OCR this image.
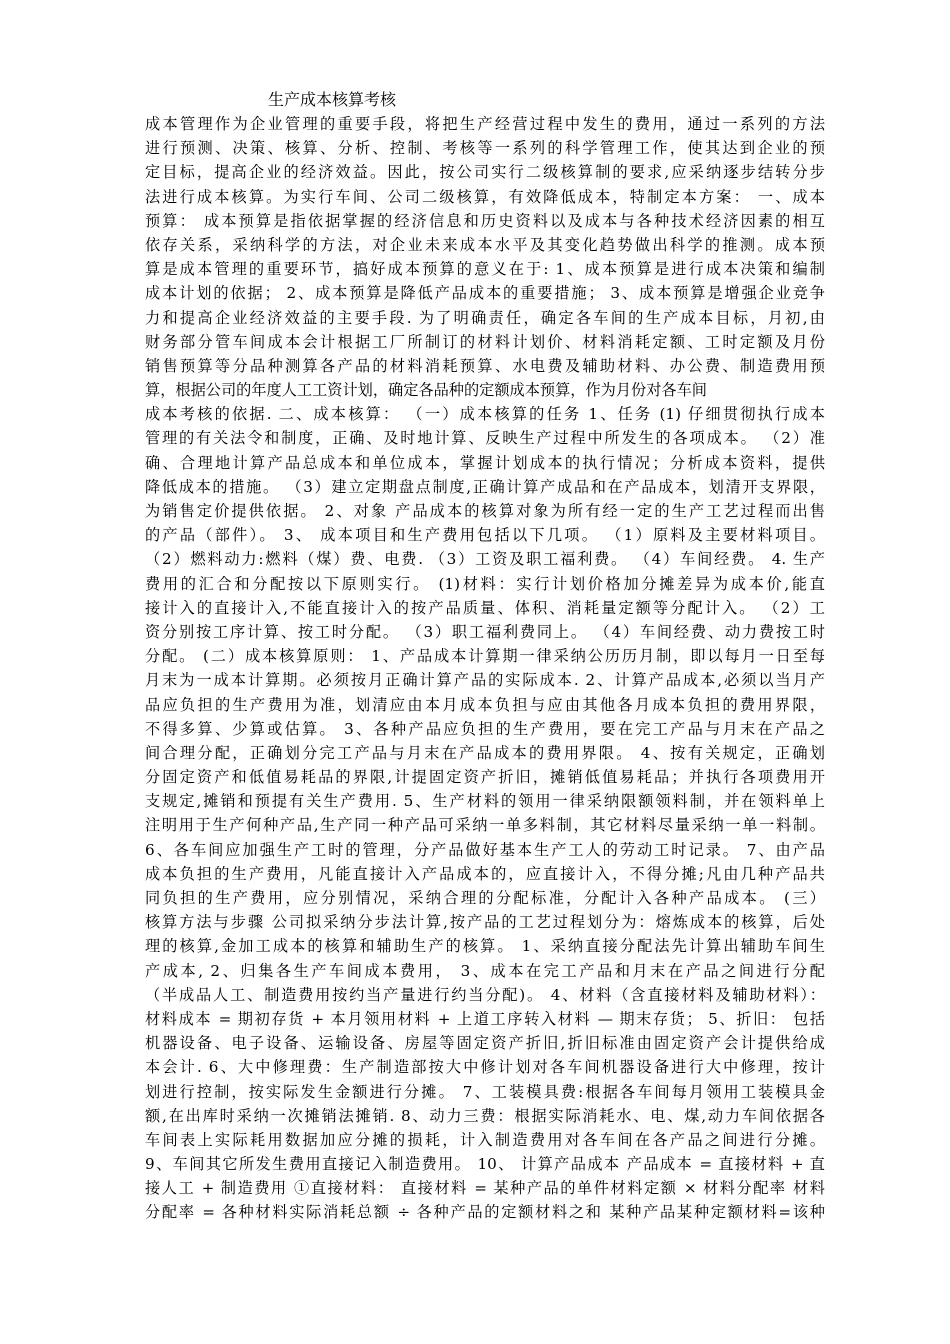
生产成本核算考核
成本管理作为企业管理的重要手段，将把生产经营过程中发生的费用，通过一系列的方法
进行预测、决策、核算、分析、控制、考核等一系列的科学管理工作，使其达到企业的预
定目标，提高企业的经济效益。因此，按公司实行二级核算制的要求,应采纳逐步结转分步
法进行成本核算。为实行车间、公司二级核算，有效降低成本，特制定本方案： 一、成本
预算： 成本预算是指依据掌握的经济信息和历史资料以及成本与各种技术经济因素的相互
依存关系，采纳科学的方法，对企业未来成本水平及其变化趋势做出科学的推测。成本预
算是成本管理的重要环节，搞好成本预算的意义在于: 1、成本预算是进行成本决策和编制
成本计划的依据； 2、成本预算是降低产品成本的重要措施； 3、成本预算是增强企业竞争
力和提高企业经济效益的主要手段. 为了明确责任，确定各车间的生产成本目标，月初,由
财务部分管车间成本会计根据工厂所制订的材料计划价、材料消耗定额、工时定额及月份
销售预算等分品种测算各产品的材料消耗预算、水电费及辅助材料、办公费、制造费用预
算，根据公司的年度人工工资计划，确定各品种的定额成本预算，作为月份对各车间
成本考核的依据. 二、成本核算： （一）成本核算的任务 1、任务 (1) 仔细贯彻执行成本
管理的有关法令和制度，正确、及时地计算、反映生产过程中所发生的各项成本。 （2）准
确、合理地计算产品总成本和单位成本，掌握计划成本的执行情况；分析成本资料，提供
降低成本的措施。 （3）建立定期盘点制度,正确计算产成品和在产品成本，划清开支界限，
为销售定价提供依据。 2、对象 产品成本的核算对象为所有经一定的生产工艺过程而出售
的产品（部件）。 3、 成本项目和生产费用包括以下几项。 （1）原料及主要材料项目。
（2）燃料动力:燃料（煤）费、电费. （3）工资及职工福利费。 （4）车间经费。 4. 生产
费用的汇合和分配按以下原则实行。 (1)材料：实行计划价格加分摊差异为成本价,能直
接计入的直接计入,不能直接计入的按产品质量、体积、消耗量定额等分配计入。 （2）工
资分别按工序计算、按工时分配。 （3）职工福利费同上。 （4）车间经费、动力费按工时
分配。 (二）成本核算原则： 1、产品成本计算期一律采纳公历历月制，即以每月一日至每
月末为一成本计算期。必须按月正确计算产品的实际成本. 2、计算产品成本,必须以当月产
品应负担的生产费用为准，划清应由本月成本负担与应由其他各月成本负担的费用界限，
不得多算、少算或估算。 3、各种产品应负担的生产费用，要在完工产品与月末在产品之
间合理分配，正确划分完工产品与月末在产品成本的费用界限。 4、按有关规定，正确划
分固定资产和低值易耗品的界限,计提固定资产折旧，摊销低值易耗品；并执行各项费用开
支规定,摊销和预提有关生产费用. 5、生产材料的领用一律采纳限额领料制，并在领料单上
注明用于生产何种产品,生产同一种产品可采纳一单多料制，其它材料尽量采纳一单一料制。
6、各车间应加强生产工时的管理，分产品做好基本生产工人的劳动工时记录。 7、由产品
成本负担的生产费用，凡能直接计入产品成本的，应直接计入，不得分摊;凡由几种产品共
同负担的生产费用，应分别情况，采纳合理的分配标准，分配计入各种产品成本。 (三）
核算方法与步骤 公司拟采纳分步法计算,按产品的工艺过程划分为：熔炼成本的核算，后处
理的核算,金加工成本的核算和辅助生产的核算。 1、采纳直接分配法先计算出辅助车间生
产成本, 2、归集各生产车间成本费用， 3、成本在完工产品和月末在产品之间进行分配
（半成品人工、制造费用按约当产量进行约当分配)。 4、材料（含直接材料及辅助材料）：
材料成本 = 期初存货 + 本月领用材料 + 上道工序转入材料 — 期末存货； 5、折旧： 包括
机器设备、电子设备、运输设备、房屋等固定资产折旧,折旧标准由固定资产会计提供给成
本会计. 6、大中修理费：生产制造部按大中修计划对各车间机器设备进行大中修理，按计
划进行控制，按实际发生金额进行分摊。 7、工装模具费:根据各车间每月领用工装模具金
额,在出库时采纳一次摊销法摊销. 8、动力三费：根据实际消耗水、电、煤,动力车间依据各
车间表上实际耗用数据加应分摊的损耗，计入制造费用对各车间在各产品之间进行分摊。
9、车间其它所发生费用直接记入制造费用。 10、 计算产品成本 产品成本 = 直接材料 + 直
接人工 + 制造费用 ①直接材料： 直接材料 = 某种产品的单件材料定额 × 材料分配率 材料
分配率 = 各种材料实际消耗总额 ÷ 各种产品的定额材料之和 某种产品某种定额材料=该种
